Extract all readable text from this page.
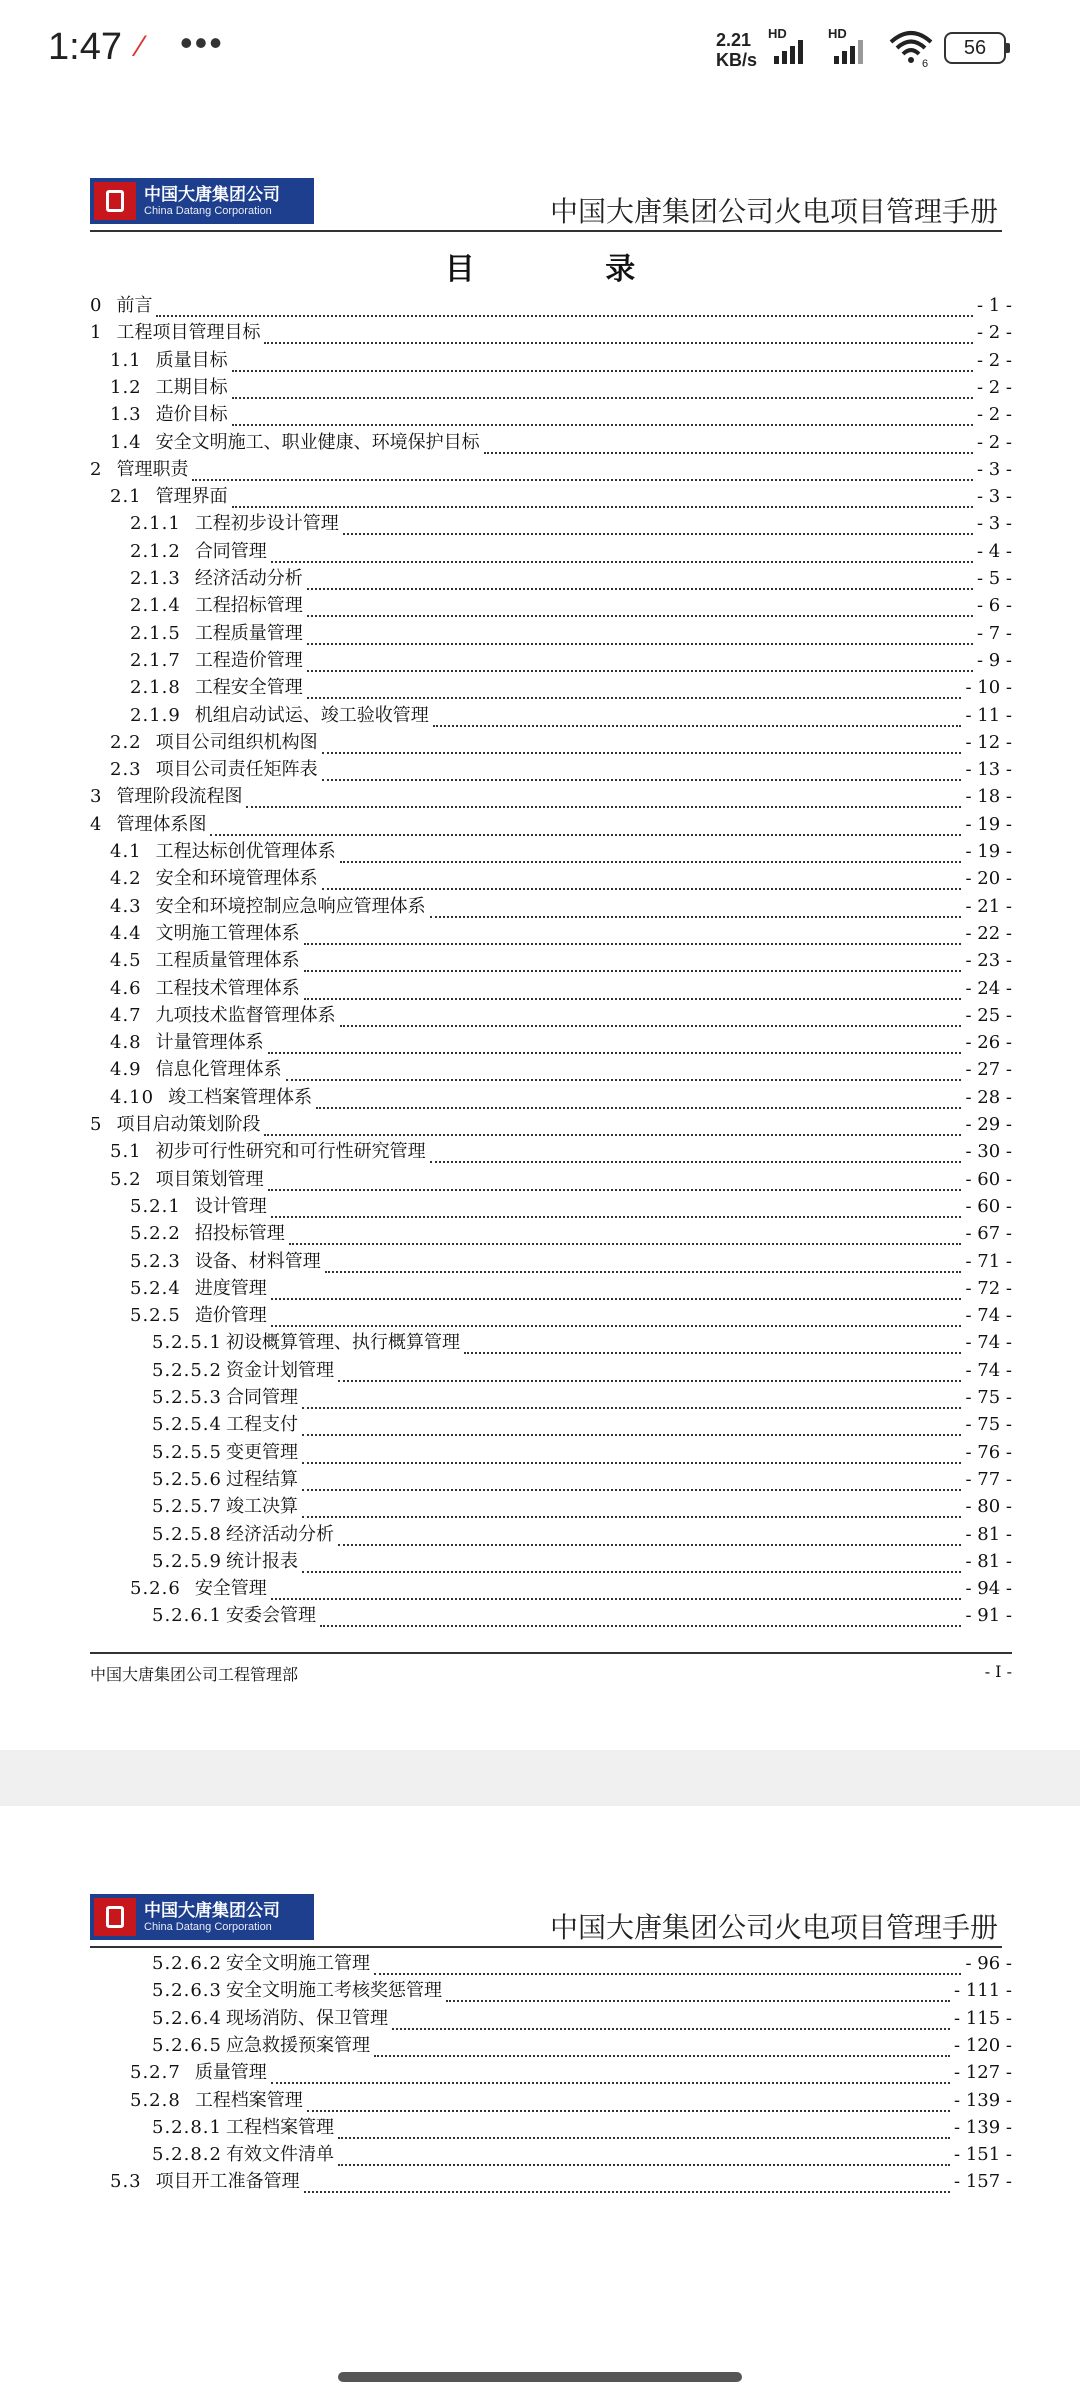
1:47 ⁄ •••	2.21
KB/s
HD	HD
6
56
中国大唐集团公司
China Datang Corporation	中国大唐集团公司火电项目管理手册
目 录
0 前言	- 1 -
1 工程项目管理目标	- 2 -
1.1 质量目标	- 2 -
1.2 工期目标	- 2 -
1.3 造价目标	- 2 -
1.4 安全文明施工、职业健康、环境保护目标	- 2 -
2 管理职责	- 3 -
2.1 管理界面	- 3 -
2.1.1 工程初步设计管理	- 3 -
2.1.2 合同管理	- 4 -
2.1.3 经济活动分析	- 5 -
2.1.4 工程招标管理	- 6 -
2.1.5 工程质量管理	- 7 -
2.1.7 工程造价管理	- 9 -
2.1.8 工程安全管理	- 10 -
2.1.9 机组启动试运、竣工验收管理	- 11 -
2.2 项目公司组织机构图	- 12 -
2.3 项目公司责任矩阵表	- 13 -
3 管理阶段流程图	- 18 -
4 管理体系图	- 19 -
4.1 工程达标创优管理体系	- 19 -
4.2 安全和环境管理体系	- 20 -
4.3 安全和环境控制应急响应管理体系	- 21 -
4.4 文明施工管理体系	- 22 -
4.5 工程质量管理体系	- 23 -
4.6 工程技术管理体系	- 24 -
4.7 九项技术监督管理体系	- 25 -
4.8 计量管理体系	- 26 -
4.9 信息化管理体系	- 27 -
4.10 竣工档案管理体系	- 28 -
5 项目启动策划阶段	- 29 -
5.1 初步可行性研究和可行性研究管理	- 30 -
5.2 项目策划管理	- 60 -
5.2.1 设计管理	- 60 -
5.2.2 招投标管理	- 67 -
5.2.3 设备、材料管理	- 71 -
5.2.4 进度管理	- 72 -
5.2.5 造价管理	- 74 -
5.2.5.1 初设概算管理、执行概算管理	- 74 -
5.2.5.2 资金计划管理	- 74 -
5.2.5.3 合同管理	- 75 -
5.2.5.4 工程支付	- 75 -
5.2.5.5 变更管理	- 76 -
5.2.5.6 过程结算	- 77 -
5.2.5.7 竣工决算	- 80 -
5.2.5.8 经济活动分析	- 81 -
5.2.5.9 统计报表	- 81 -
5.2.6 安全管理	- 94 -
5.2.6.1 安委会管理	- 91 -
中国大唐集团公司工程管理部	- I -
中国大唐集团公司
China Datang Corporation	中国大唐集团公司火电项目管理手册
5.2.6.2 安全文明施工管理	- 96 -
5.2.6.3 安全文明施工考核奖惩管理	- 111 -
5.2.6.4 现场消防、保卫管理	- 115 -
5.2.6.5 应急救援预案管理	- 120 -
5.2.7 质量管理	- 127 -
5.2.8 工程档案管理	- 139 -
5.2.8.1 工程档案管理	- 139 -
5.2.8.2 有效文件清单	- 151 -
5.3 项目开工准备管理	- 157 -
